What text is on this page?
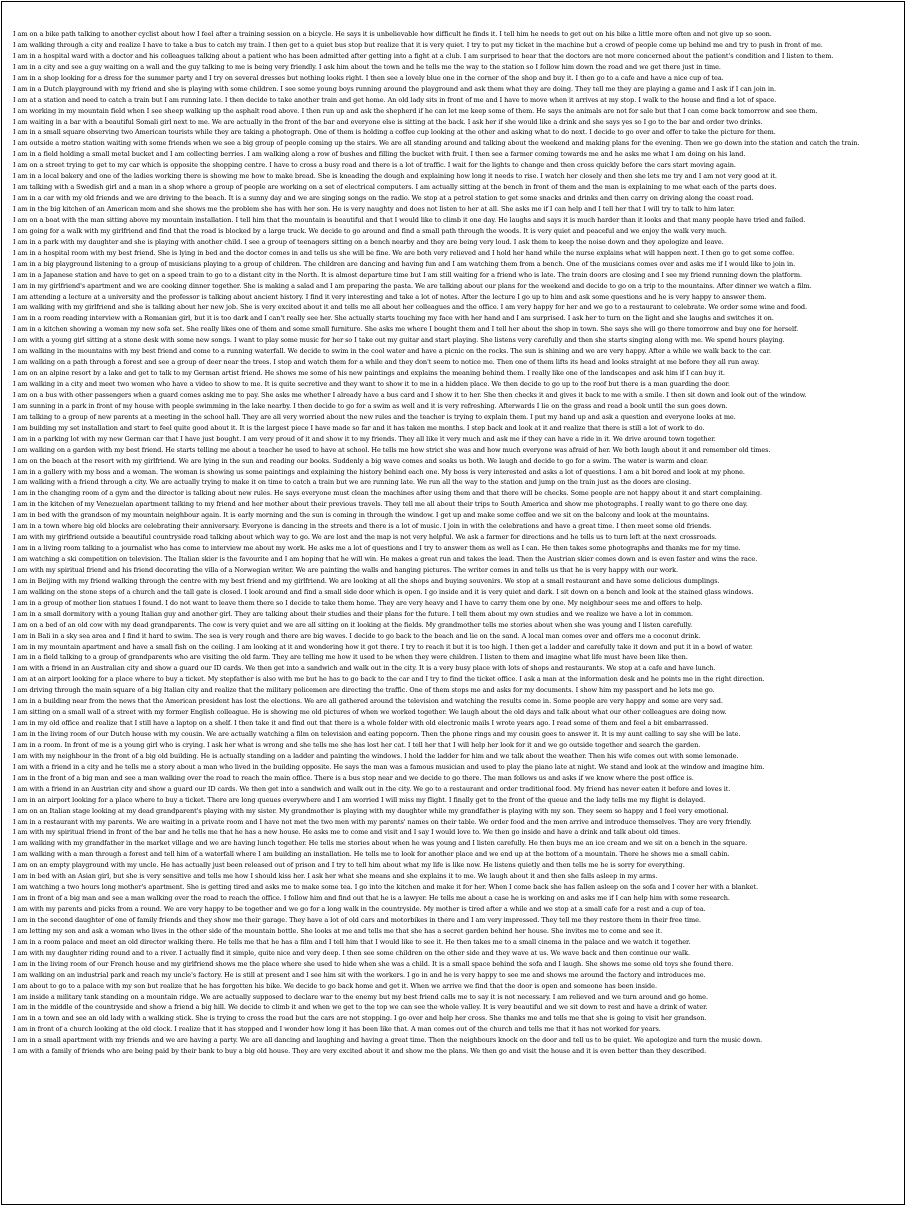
I am on a bike path talking to another cyclist about how I feel after a training session on a bicycle. He says it is unbelievable how difficult he finds it. I tell him he needs to get out on his bike a little more often and not give up so soon.
I am walking through a city and realize I have to take a bus to catch my train. I then get to a quiet bus stop but realize that it is very quiet. I try to put my ticket in the machine but a crowd of people come up behind me and try to push in front of me.
I am in a hospital ward with a doctor and his colleagues talking about a patient who has been admitted after getting into a fight at a club. I am surprised to hear that the doctors are not more concerned about the patient's condition and I listen to them.
I am in a city and see a guy waiting on a wall and the guy talking to me is being very friendly. I ask him about the town and he tells me the way to the station so I follow him down the road and we get there just in time.
I am in a shop looking for a dress for the summer party and I try on several dresses but nothing looks right. I then see a lovely blue one in the corner of the shop and buy it. I then go to a cafe and have a nice cup of tea.
I am in a Dutch playground with my friend and she is playing with some children. I see some young boys running around the playground and ask them what they are doing. They tell me they are playing a game and I ask if I can join in.
I am at a station and need to catch a train but I am running late. I then decide to take another train and get home. An old lady sits in front of me and I have to move when it arrives at my stop. I walk to the house and find a lot of space.
I am working in my mountain field when I see sheep walking up the asphalt road above. I then run up and ask the shepherd if he can let me keep some of them. He says the animals are not for sale but that I can come back tomorrow and see them.
I am waiting in a bar with a beautiful Somali girl next to me. We are actually in the front of the bar and everyone else is sitting at the back. I ask her if she would like a drink and she says yes so I go to the bar and order two drinks.
I am in a small square observing two American tourists while they are taking a photograph. One of them is holding a coffee cup looking at the other and asking what to do next. I decide to go over and offer to take the picture for them.
I am outside a metro station waiting with some friends when we see a big group of people coming up the stairs. We are all standing around and talking about the weekend and making plans for the evening. Then we go down into the station and catch the train.
I am in a field holding a small metal bucket and I am collecting berries. I am walking along a row of bushes and filling the bucket with fruit. I then see a farmer coming towards me and he asks me what I am doing on his land.
I am on a street trying to get to my car which is opposite the shopping centre. I have to cross a busy road and there is a lot of traffic. I wait for the lights to change and then cross quickly before the cars start moving again.
I am in a local bakery and one of the ladies working there is showing me how to make bread. She is kneading the dough and explaining how long it needs to rise. I watch her closely and then she lets me try and I am not very good at it.
I am talking with a Swedish girl and a man in a shop where a group of people are working on a set of electrical computers. I am actually sitting at the bench in front of them and the man is explaining to me what each of the parts does.
I am in a car with my old friends and we are driving to the beach. It is a sunny day and we are singing songs on the radio. We stop at a petrol station to get some snacks and drinks and then carry on driving along the coast road.
I am in the big kitchen of an American mom and she shows me the problem she has with her son. He is very naughty and does not listen to her at all. She asks me if I can help and I tell her that I will try to talk to him later.
I am on a boat with the man sitting above my mountain installation. I tell him that the mountain is beautiful and that I would like to climb it one day. He laughs and says it is much harder than it looks and that many people have tried and failed.
I am going for a walk with my girlfriend and find that the road is blocked by a large truck. We decide to go around and find a small path through the woods. It is very quiet and peaceful and we enjoy the walk very much.
I am in a park with my daughter and she is playing with another child. I see a group of teenagers sitting on a bench nearby and they are being very loud. I ask them to keep the noise down and they apologize and leave.
I am in a hospital room with my best friend. She is lying in bed and the doctor comes in and tells us she will be fine. We are both very relieved and I hold her hand while the nurse explains what will happen next. I then go to get some coffee.
I am in a big playground listening to a group of musicians playing to a group of children. The children are dancing and having fun and I am watching them from a bench. One of the musicians comes over and asks me if I would like to join in.
I am in a Japanese station and have to get on a speed train to go to a distant city in the North. It is almost departure time but I am still waiting for a friend who is late. The train doors are closing and I see my friend running down the platform.
I am in my girlfriend's apartment and we are cooking dinner together. She is making a salad and I am preparing the pasta. We are talking about our plans for the weekend and decide to go on a trip to the mountains. After dinner we watch a film.
I am attending a lecture at a university and the professor is talking about ancient history. I find it very interesting and take a lot of notes. After the lecture I go up to him and ask some questions and he is very happy to answer them.
I am walking with my girlfriend and she is talking about her new job. She is very excited about it and tells me all about her colleagues and the office. I am very happy for her and we go to a restaurant to celebrate. We order some wine and food.
I am in a room reading interview with a Romanian girl, but it is too dark and I can't really see her. She actually starts touching my face with her hand and I am surprised. I ask her to turn on the light and she laughs and switches it on.
I am in a kitchen showing a woman my new sofa set. She really likes one of them and some small furniture. She asks me where I bought them and I tell her about the shop in town. She says she will go there tomorrow and buy one for herself.
I am with a young girl sitting at a stone desk with some new songs. I want to play some music for her so I take out my guitar and start playing. She listens very carefully and then she starts singing along with me. We spend hours playing.
I am walking in the mountains with my best friend and come to a running waterfall. We decide to swim in the cool water and have a picnic on the rocks. The sun is shining and we are very happy. After a while we walk back to the car.
I am walking on a path through a forest and see a group of deer near the trees. I stop and watch them for a while and they don't seem to notice me. Then one of them lifts its head and looks straight at me before they all run away.
I am on an alpine resort by a lake and get to talk to my German artist friend. He shows me some of his new paintings and explains the meaning behind them. I really like one of the landscapes and ask him if I can buy it.
I am walking in a city and meet two women who have a video to show to me. It is quite secretive and they want to show it to me in a hidden place. We then decide to go up to the roof but there is a man guarding the door.
I am on a bus with other passengers when a guard comes asking me to pay. She asks me whether I already have a bus card and I show it to her. She then checks it and gives it back to me with a smile. I then sit down and look out of the window.
I am sunning in a park in front of my house with people swimming in the lake nearby. I then decide to go for a swim as well and it is very refreshing. Afterwards I lie on the grass and read a book until the sun goes down.
I am talking to a group of new parents at a meeting in the school hall. They are all very worried about the new rules and the teacher is trying to explain them. I put my hand up and ask a question and everyone looks at me.
I am building my set installation and start to feel quite good about it. It is the largest piece I have made so far and it has taken me months. I step back and look at it and realize that there is still a lot of work to do.
I am in a parking lot with my new German car that I have just bought. I am very proud of it and show it to my friends. They all like it very much and ask me if they can have a ride in it. We drive around town together.
I am walking on a garden with my best friend. He starts telling me about a teacher he used to have at school. He tells me how strict she was and how much everyone was afraid of her. We both laugh about it and remember old times.
I am on the beach at the resort with my girlfriend. We are lying in the sun and reading our books. Suddenly a big wave comes and soaks us both. We laugh and decide to go for a swim. The water is warm and clear.
I am in a gallery with my boss and a woman. The woman is showing us some paintings and explaining the history behind each one. My boss is very interested and asks a lot of questions. I am a bit bored and look at my phone.
I am walking with a friend through a city. We are actually trying to make it on time to catch a train but we are running late. We run all the way to the station and jump on the train just as the doors are closing.
I am in the changing room of a gym and the director is talking about new rules. He says everyone must clean the machines after using them and that there will be checks. Some people are not happy about it and start complaining.
I am in the kitchen of my Venezuelan apartment talking to my friend and her mother about their previous travels. They tell me all about their trips to South America and show me photographs. I really want to go there one day.
I am in bed with the grandson of my mountain neighbour again. It is early morning and the sun is coming in through the window. I get up and make some coffee and we sit on the balcony and look at the mountains.
I am in a town where big old blocks are celebrating their anniversary. Everyone is dancing in the streets and there is a lot of music. I join in with the celebrations and have a great time. I then meet some old friends.
I am with my girlfriend outside a beautiful countryside road talking about which way to go. We are lost and the map is not very helpful. We ask a farmer for directions and he tells us to turn left at the next crossroads.
I am in a living room talking to a journalist who has come to interview me about my work. He asks me a lot of questions and I try to answer them as well as I can. He then takes some photographs and thanks me for my time.
I am watching a ski competition on television. The Italian skier is the favourite and I am hoping that he will win. He makes a great run and takes the lead. Then the Austrian skier comes down and is even faster and wins the race.
I am with my spiritual friend and his friend decorating the villa of a Norwegian writer. We are painting the walls and hanging pictures. The writer comes in and tells us that he is very happy with our work.
I am in Beijing with my friend walking through the centre with my best friend and my girlfriend. We are looking at all the shops and buying souvenirs. We stop at a small restaurant and have some delicious dumplings.
I am walking on the stone steps of a church and the tall gate is closed. I look around and find a small side door which is open. I go inside and it is very quiet and dark. I sit down on a bench and look at the stained glass windows.
I am in a group of mother lion statues I found. I do not want to leave them there so I decide to take them home. They are very heavy and I have to carry them one by one. My neighbour sees me and offers to help.
I am in a small dormitory with a young Italian guy and another girl. They are talking about their studies and their plans for the future. I tell them about my own studies and we realize we have a lot in common.
I am on a bed of an old cow with my dead grandparents. The cow is very quiet and we are all sitting on it looking at the fields. My grandmother tells me stories about when she was young and I listen carefully.
I am in Bali in a sky sea area and I find it hard to swim. The sea is very rough and there are big waves. I decide to go back to the beach and lie on the sand. A local man comes over and offers me a coconut drink.
I am in my mountain apartment and have a small fish on the ceiling. I am looking at it and wondering how it got there. I try to reach it but it is too high. I then get a ladder and carefully take it down and put it in a bowl of water.
I am in a field talking to a group of grandparents who are visiting the old farm. They are telling me how it used to be when they were children. I listen to them and imagine what life must have been like then.
I am with a friend in an Australian city and show a guard our ID cards. We then get into a sandwich and walk out in the city. It is a very busy place with lots of shops and restaurants. We stop at a cafe and have lunch.
I am at an airport looking for a place where to buy a ticket. My stepfather is also with me but he has to go back to the car and I try to find the ticket office. I ask a man at the information desk and he points me in the right direction.
I am driving through the main square of a big Italian city and realize that the military policemen are directing the traffic. One of them stops me and asks for my documents. I show him my passport and he lets me go.
I am in a building near from the news that the American president has lost the elections. We are all gathered around the television and watching the results come in. Some people are very happy and some are very sad.
I am sitting on a small wall of a street with my former English colleague. He is showing me old pictures of when we worked together. We laugh about the old days and talk about what our other colleagues are doing now.
I am in my old office and realize that I still have a laptop on a shelf. I then take it and find out that there is a whole folder with old electronic mails I wrote years ago. I read some of them and feel a bit embarrassed.
I am in the living room of our Dutch house with my cousin. We are actually watching a film on television and eating popcorn. Then the phone rings and my cousin goes to answer it. It is my aunt calling to say she will be late.
I am in a room. In front of me is a young girl who is crying. I ask her what is wrong and she tells me she has lost her cat. I tell her that I will help her look for it and we go outside together and search the garden.
I am with my neighbour in the front of a big old building. He is actually standing on a ladder and painting the windows. I hold the ladder for him and we talk about the weather. Then his wife comes out with some lemonade.
I am with a friend in a city and he tells me a story about a man who lived in the building opposite. He says the man was a famous musician and used to play the piano late at night. We stand and look at the window and imagine him.
I am in the front of a big man and see a man walking over the road to reach the main office. There is a bus stop near and we decide to go there. The man follows us and asks if we know where the post office is.
I am with a friend in an Austrian city and show a guard our ID cards. We then get into a sandwich and walk out in the city. We go to a restaurant and order traditional food. My friend has never eaten it before and loves it.
I am in an airport looking for a place where to buy a ticket. There are long queues everywhere and I am worried I will miss my flight. I finally get to the front of the queue and the lady tells me my flight is delayed.
I am on an Italian stage looking at my dead grandparent's playing with my sister. My grandmother is playing with my daughter while my grandfather is playing with my son. They seem so happy and I feel very emotional.
I am in a restaurant with my parents. We are waiting in a private room and I have not met the two men with my parents' names on their table. We order food and the men arrive and introduce themselves. They are very friendly.
I am with my spiritual friend in front of the bar and he tells me that he has a new house. He asks me to come and visit and I say I would love to. We then go inside and have a drink and talk about old times.
I am walking with my grandfather in the market village and we are having lunch together. He tells me stories about when he was young and I listen carefully. He then buys me an ice cream and we sit on a bench in the square.
I am walking with a man through a forest and tell him of a waterfall where I am building an installation. He tells me to look for another place and we end up at the bottom of a mountain. There he shows me a small cabin.
I am on an empty playground with my uncle. He has actually just been released out of prison and I try to tell him about what my life is like now. He listens quietly and then tells me he is sorry for everything.
I am in bed with an Asian girl, but she is very sensitive and tells me how I should kiss her. I ask her what she means and she explains it to me. We laugh about it and then she falls asleep in my arms.
I am watching a two hours long mother's apartment. She is getting tired and asks me to make some tea. I go into the kitchen and make it for her. When I come back she has fallen asleep on the sofa and I cover her with a blanket.
I am in front of a big man and see a man walking over the road to reach the office. I follow him and find out that he is a lawyer. He tells me about a case he is working on and asks me if I can help him with some research.
I am with my parents and picks from a round. We are very happy to be together and we go for a long walk in the countryside. My mother is tired after a while and we stop at a small cafe for a rest and a cup of tea.
I am in the second daughter of one of family friends and they show me their garage. They have a lot of old cars and motorbikes in there and I am very impressed. They tell me they restore them in their free time.
I am letting my son and ask a woman who lives in the other side of the mountain bottle. She looks at me and tells me that she has a secret garden behind her house. She invites me to come and see it.
I am in a room palace and meet an old director walking there. He tells me that he has a film and I tell him that I would like to see it. He then takes me to a small cinema in the palace and we watch it together.
I am with my daughter riding round and to a river. I actually find it simple, quite nice and very deep. I then see some children on the other side and they wave at us. We wave back and then continue our walk.
I am in the living room of our French house and my girlfriend shows me the place where she used to hide when she was a child. It is a small space behind the sofa and I laugh. She shows me some old toys she found there.
I am walking on an industrial park and reach my uncle's factory. He is still at present and I see him sit with the workers. I go in and he is very happy to see me and shows me around the factory and introduces me.
I am about to go to a palace with my son but realize that he has forgotten his bike. We decide to go back home and get it. When we arrive we find that the door is open and someone has been inside.
I am inside a military tank standing on a mountain ridge. We are actually supposed to declare war to the enemy but my best friend calls me to say it is not necessary. I am relieved and we turn around and go home.
I am in the middle of the countryside and show a friend a big hill. We decide to climb it and when we get to the top we can see the whole valley. It is very beautiful and we sit down to rest and have a drink of water.
I am in a town and see an old lady with a walking stick. She is trying to cross the road but the cars are not stopping. I go over and help her cross. She thanks me and tells me that she is going to visit her grandson.
I am in front of a church looking at the old clock. I realize that it has stopped and I wonder how long it has been like that. A man comes out of the church and tells me that it has not worked for years.
I am in a small apartment with my friends and we are having a party. We are all dancing and laughing and having a great time. Then the neighbours knock on the door and tell us to be quiet. We apologize and turn the music down.
I am with a family of friends who are being paid by their bank to buy a big old house. They are very excited about it and show me the plans. We then go and visit the house and it is even better than they described.
